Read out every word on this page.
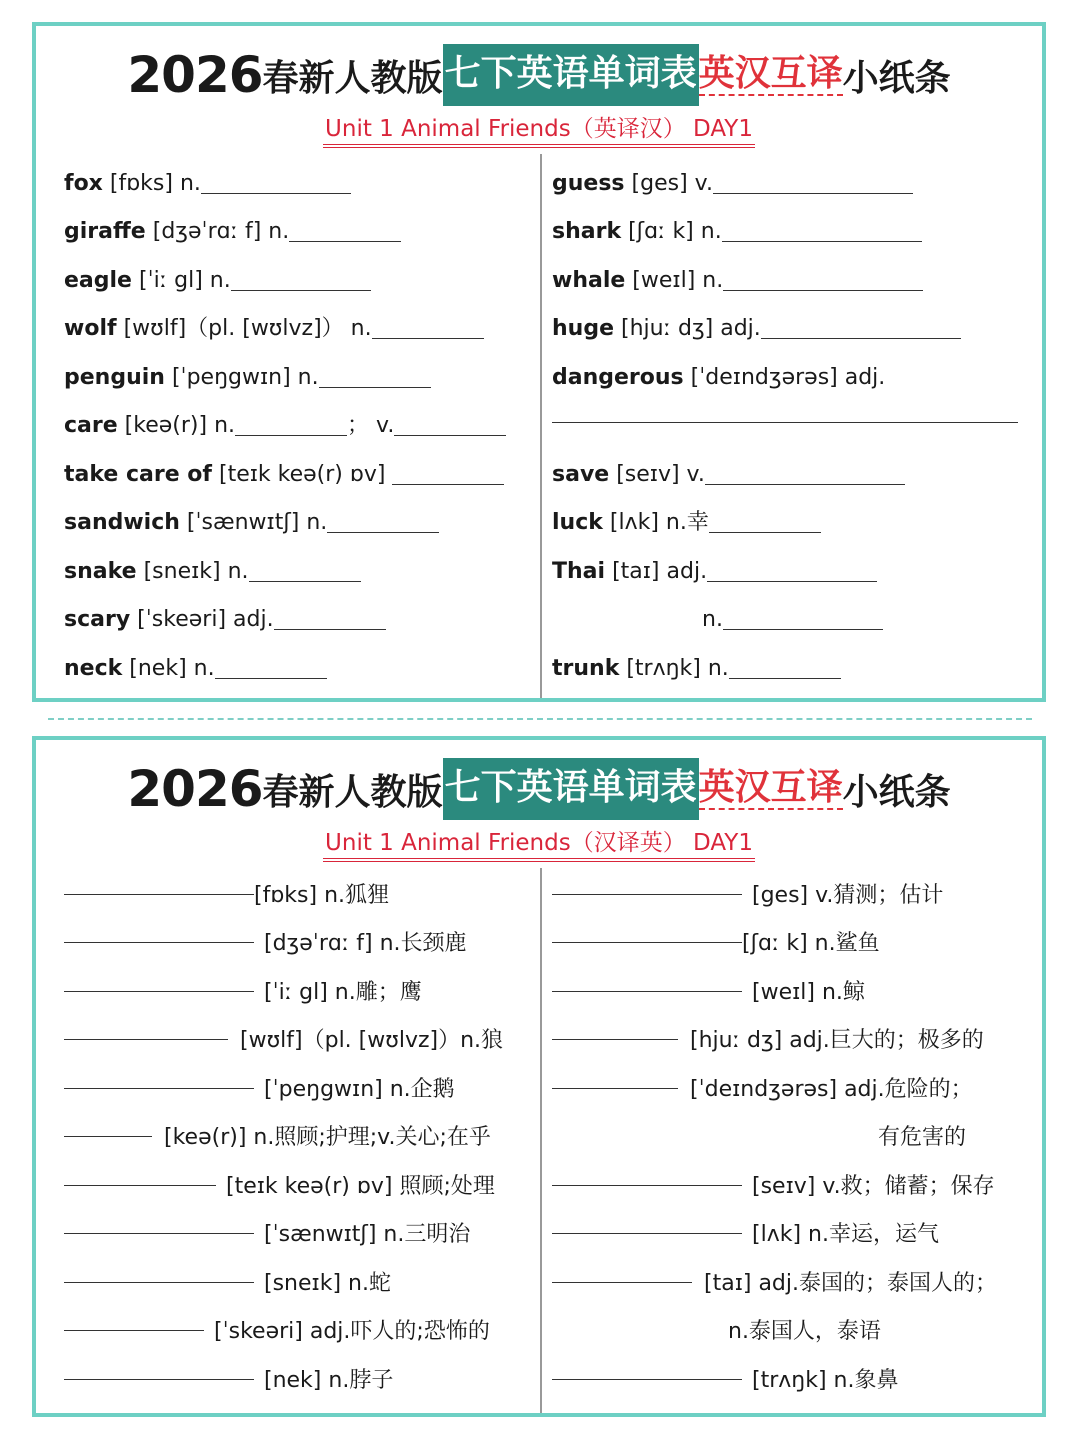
2026 春新人教版 七下英语单词表 英汉互译 小纸条
Unit 1 Animal Friends（英译汉） DAY1
fox [fɒks] n.
giraffe [dʒəˈrɑː f] n.
eagle [ˈiː gl] n.
wolf [wʊlf]（pl. [wʊlvz]） n.
penguin [ˈpeŋgwɪn] n.
care [keə(r)] n.	； v.
take care of [teɪk keə(r) ɒv]
sandwich [ˈsænwɪtʃ] n.
snake [sneɪk] n.
scary [ˈskeəri] adj.
neck [nek] n.
guess [ges] v.
shark [ʃɑː k] n.
whale [weɪl] n.
huge [hjuː dʒ] adj.
dangerous [ˈdeɪndʒərəs] adj.
save [seɪv] v.
luck [lʌk] n.幸
Thai [taɪ] adj.
n.
trunk [trʌŋk] n.
2026 春新人教版 七下英语单词表 英汉互译 小纸条
Unit 1 Animal Friends（汉译英） DAY1
[fɒks] n.狐狸
[dʒəˈrɑː f] n.长颈鹿
[ˈiː gl] n.雕；鹰
[wʊlf]（pl. [wʊlvz]）n.狼
[ˈpeŋgwɪn] n.企鹅
[keə(r)] n.照顾;护理;v.关心;在乎
[teɪk keə(r) ɒv] 照顾;处理
[ˈsænwɪtʃ] n.三明治
[sneɪk] n.蛇
[ˈskeəri] adj.吓人的;恐怖的
[nek] n.脖子
[ges] v.猜测；估计
[ʃɑː k] n.鲨鱼
[weɪl] n.鲸
[hjuː dʒ] adj.巨大的；极多的
[ˈdeɪndʒərəs] adj.危险的；
有危害的
[seɪv] v.救；储蓄；保存
[lʌk] n.幸运，运气
[taɪ] adj.泰国的；泰国人的；
n.泰国人，泰语
[trʌŋk] n.象鼻
